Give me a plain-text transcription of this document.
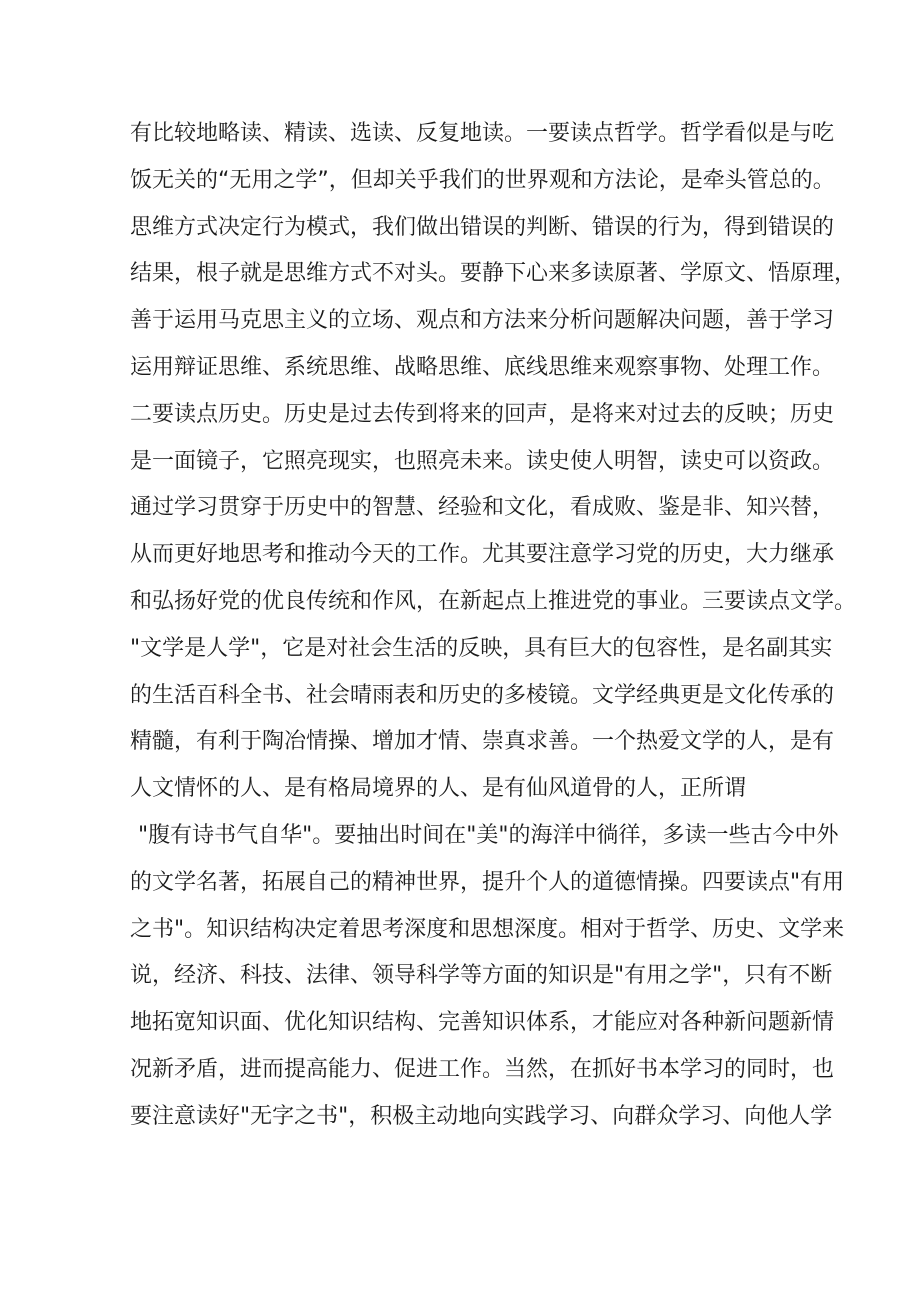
有比较地略读、精读、选读、反复地读。一要读点哲学。哲学看似是与吃
饭无关的“无用之学”，但却关乎我们的世界观和方法论，是牵头管总的。
思维方式决定行为模式，我们做出错误的判断、错误的行为，得到错误的
结果，根子就是思维方式不对头。要静下心来多读原著、学原文、悟原理，
善于运用马克思主义的立场、观点和方法来分析问题解决问题，善于学习
运用辩证思维、系统思维、战略思维、底线思维来观察事物、处理工作。
二要读点历史。历史是过去传到将来的回声，是将来对过去的反映；历史
是一面镜子，它照亮现实，也照亮未来。读史使人明智，读史可以资政。
通过学习贯穿于历史中的智慧、经验和文化，看成败、鉴是非、知兴替，
从而更好地思考和推动今天的工作。尤其要注意学习党的历史，大力继承
和弘扬好党的优良传统和作风，在新起点上推进党的事业。三要读点文学。
"文学是人学"，它是对社会生活的反映，具有巨大的包容性，是名副其实
的生活百科全书、社会晴雨表和历史的多棱镜。文学经典更是文化传承的
精髓，有利于陶冶情操、增加才情、崇真求善。一个热爱文学的人，是有
人文情怀的人、是有格局境界的人、是有仙风道骨的人，正所谓
"腹有诗书气自华"。要抽出时间在"美"的海洋中徜徉，多读一些古今中外
的文学名著，拓展自己的精神世界，提升个人的道德情操。四要读点"有用
之书"。知识结构决定着思考深度和思想深度。相对于哲学、历史、文学来
说，经济、科技、法律、领导科学等方面的知识是"有用之学"，只有不断
地拓宽知识面、优化知识结构、完善知识体系，才能应对各种新问题新情
况新矛盾，进而提高能力、促进工作。当然，在抓好书本学习的同时，也
要注意读好"无字之书"，积极主动地向实践学习、向群众学习、向他人学
